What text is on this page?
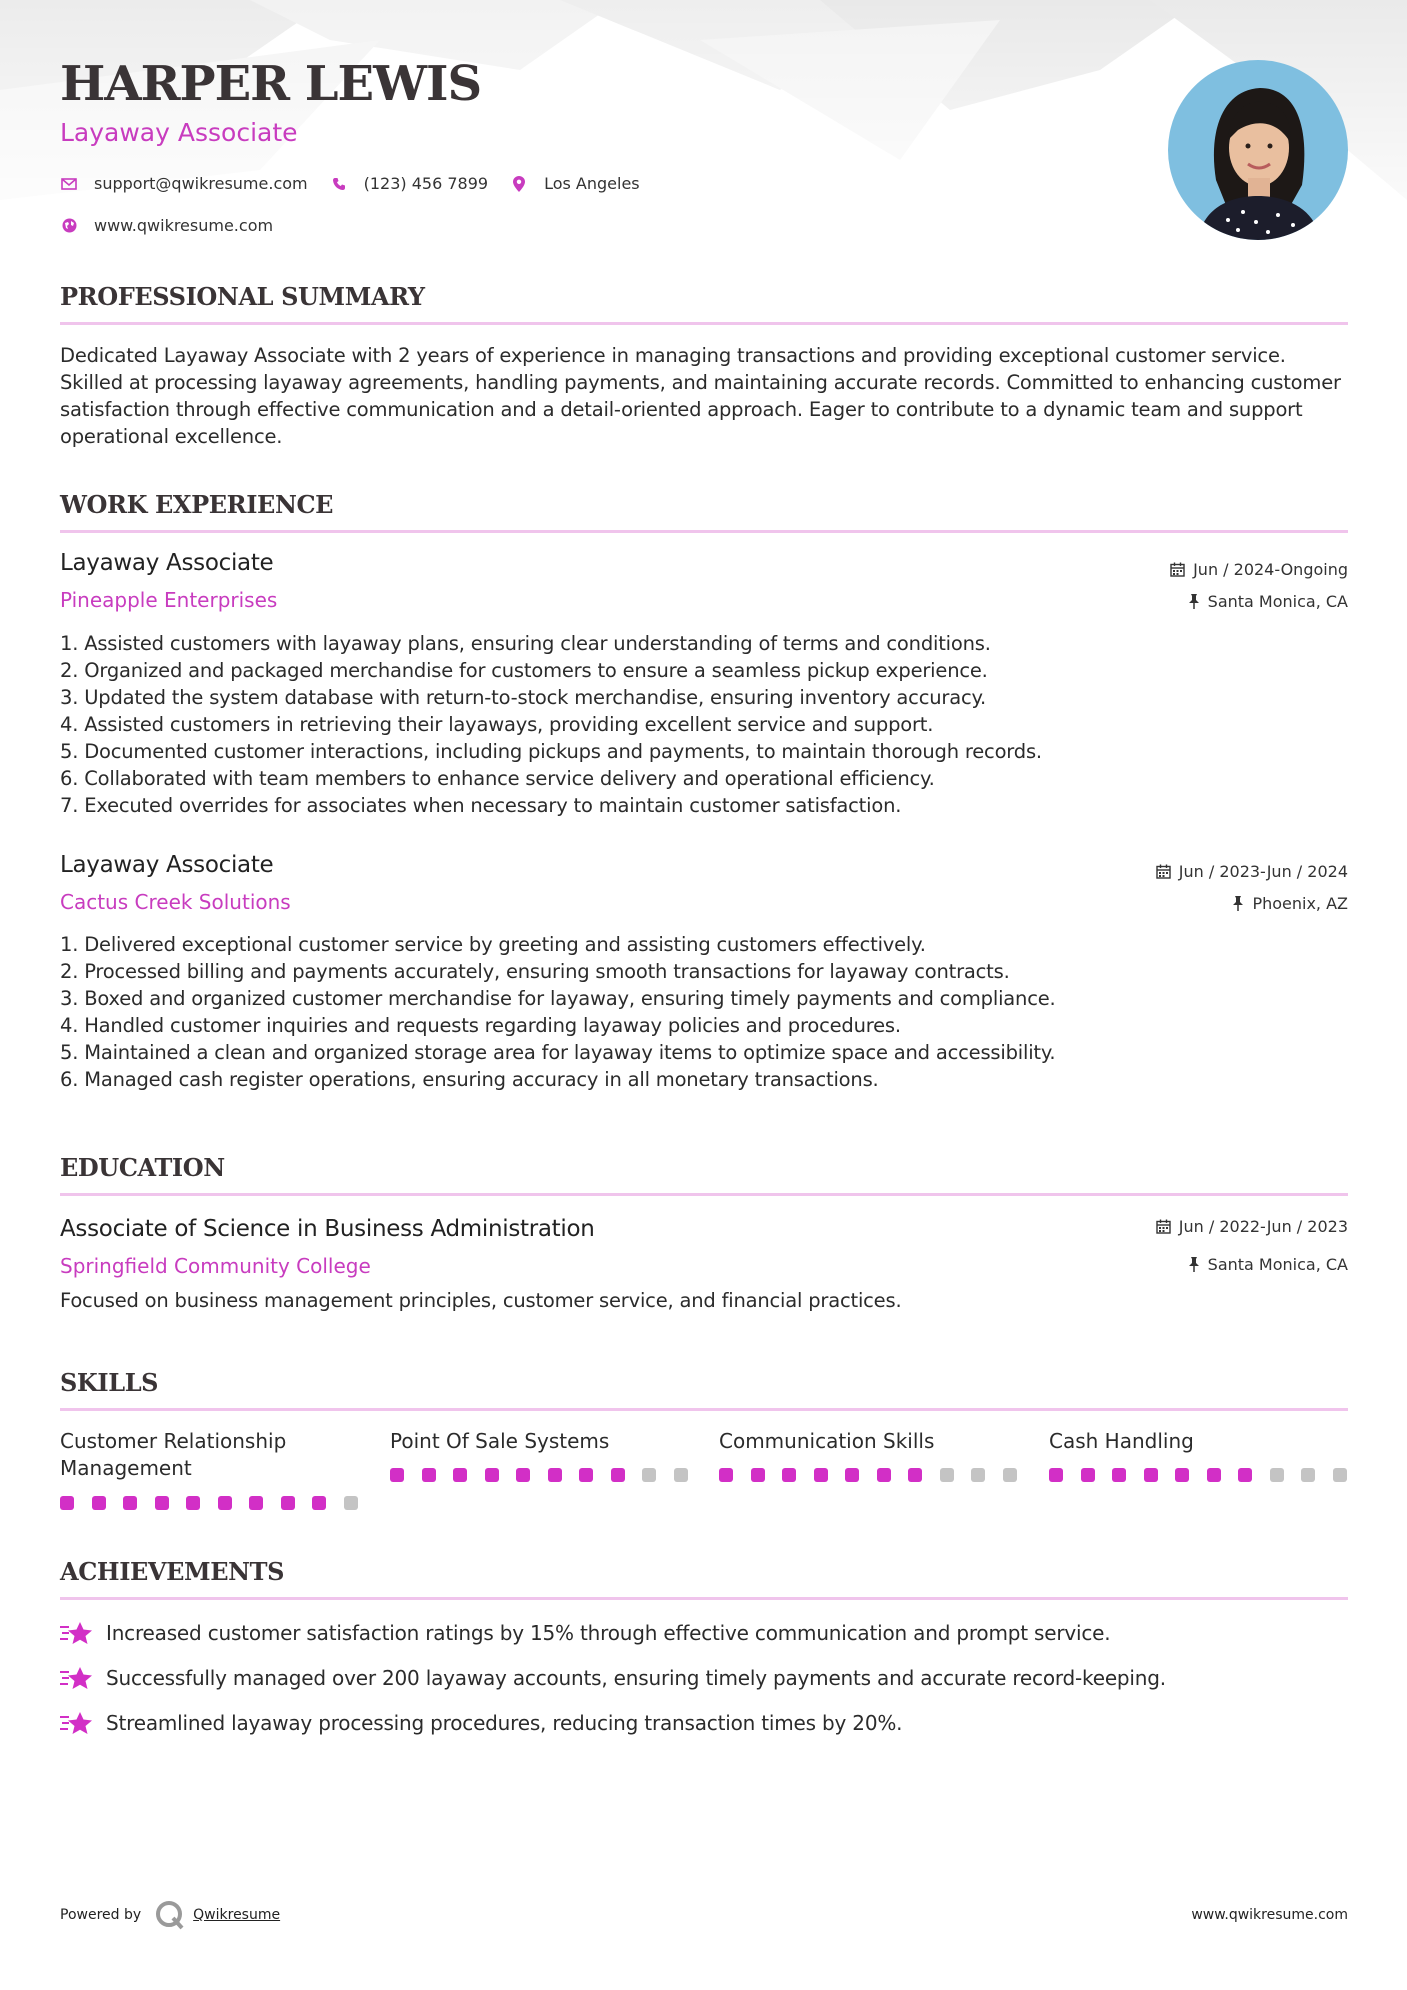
HARPER LEWIS
Layaway Associate
support@qwikresume.com	(123) 456 7899	Los Angeles
www.qwikresume.com
PROFESSIONAL SUMMARY

Dedicated Layaway Associate with 2 years of experience in managing transactions and providing exceptional customer service. Skilled at processing layaway agreements, handling payments, and maintaining accurate records. Committed to enhancing customer satisfaction through effective communication and a detail-oriented approach. Eager to contribute to a dynamic team and support operational excellence.

WORK EXPERIENCE
Layaway Associate
Pineapple Enterprises
Jun / 2024-Ongoing
Santa Monica, CA
1. Assisted customers with layaway plans, ensuring clear understanding of terms and conditions.
2. Organized and packaged merchandise for customers to ensure a seamless pickup experience.
3. Updated the system database with return-to-stock merchandise, ensuring inventory accuracy.
4. Assisted customers in retrieving their layaways, providing excellent service and support.
5. Documented customer interactions, including pickups and payments, to maintain thorough records.
6. Collaborated with team members to enhance service delivery and operational efficiency.
7. Executed overrides for associates when necessary to maintain customer satisfaction.
Layaway Associate
Cactus Creek Solutions
Jun / 2023-Jun / 2024
Phoenix, AZ
1. Delivered exceptional customer service by greeting and assisting customers effectively.
2. Processed billing and payments accurately, ensuring smooth transactions for layaway contracts.
3. Boxed and organized customer merchandise for layaway, ensuring timely payments and compliance.
4. Handled customer inquiries and requests regarding layaway policies and procedures.
5. Maintained a clean and organized storage area for layaway items to optimize space and accessibility.
6. Managed cash register operations, ensuring accuracy in all monetary transactions.
EDUCATION
Associate of Science in Business Administration
Springfield Community College
Jun / 2022-Jun / 2023
Santa Monica, CA
Focused on business management principles, customer service, and financial practices.
SKILLS
Customer Relationship Management
Point Of Sale Systems	Communication Skills	Cash Handling
ACHIEVEMENTS
Increased customer satisfaction ratings by 15% through effective communication and prompt service.
Successfully managed over 200 layaway accounts, ensuring timely payments and accurate record-keeping.
Streamlined layaway processing procedures, reducing transaction times by 20%.
Powered by	Qwikresume	www.qwikresume.com
